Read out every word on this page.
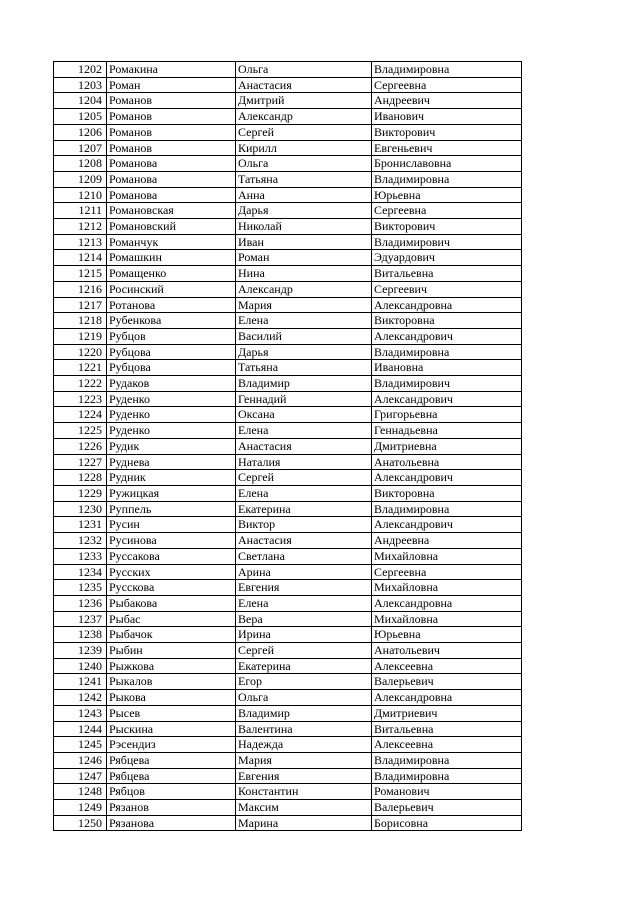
1202	Ромакина	Ольга	Владимировна
1203	Роман	Анастасия	Сергеевна
1204	Романов	Дмитрий	Андреевич
1205	Романов	Александр	Иванович
1206	Романов	Сергей	Викторович
1207	Романов	Кирилл	Евгеньевич
1208	Романова	Ольга	Брониславовна
1209	Романова	Татьяна	Владимировна
1210	Романова	Анна	Юрьевна
1211	Романовская	Дарья	Сергеевна
1212	Романовский	Николай	Викторович
1213	Романчук	Иван	Владимирович
1214	Ромашкин	Роман	Эдуардович
1215	Ромащенко	Нина	Витальевна
1216	Росинский	Александр	Сергеевич
1217	Ротанова	Мария	Александровна
1218	Рубенкова	Елена	Викторовна
1219	Рубцов	Василий	Александрович
1220	Рубцова	Дарья	Владимировна
1221	Рубцова	Татьяна	Ивановна
1222	Рудаков	Владимир	Владимирович
1223	Руденко	Геннадий	Александрович
1224	Руденко	Оксана	Григорьевна
1225	Руденко	Елена	Геннадьевна
1226	Рудик	Анастасия	Дмитриевна
1227	Руднева	Наталия	Анатольевна
1228	Рудник	Сергей	Александрович
1229	Ружицкая	Елена	Викторовна
1230	Руппель	Екатерина	Владимировна
1231	Русин	Виктор	Александрович
1232	Русинова	Анастасия	Андреевна
1233	Руссакова	Светлана	Михайловна
1234	Русских	Арина	Сергеевна
1235	Русскова	Евгения	Михайловна
1236	Рыбакова	Елена	Александровна
1237	Рыбас	Вера	Михайловна
1238	Рыбачок	Ирина	Юрьевна
1239	Рыбин	Сергей	Анатольевич
1240	Рыжкова	Екатерина	Алексеевна
1241	Рыкалов	Егор	Валерьевич
1242	Рыкова	Ольга	Александровна
1243	Рысев	Владимир	Дмитриевич
1244	Рыскина	Валентина	Витальевна
1245	Рэсендиз	Надежда	Алексеевна
1246	Рябцева	Мария	Владимировна
1247	Рябцева	Евгения	Владимировна
1248	Рябцов	Константин	Романович
1249	Рязанов	Максим	Валерьевич
1250	Рязанова	Марина	Борисовна
